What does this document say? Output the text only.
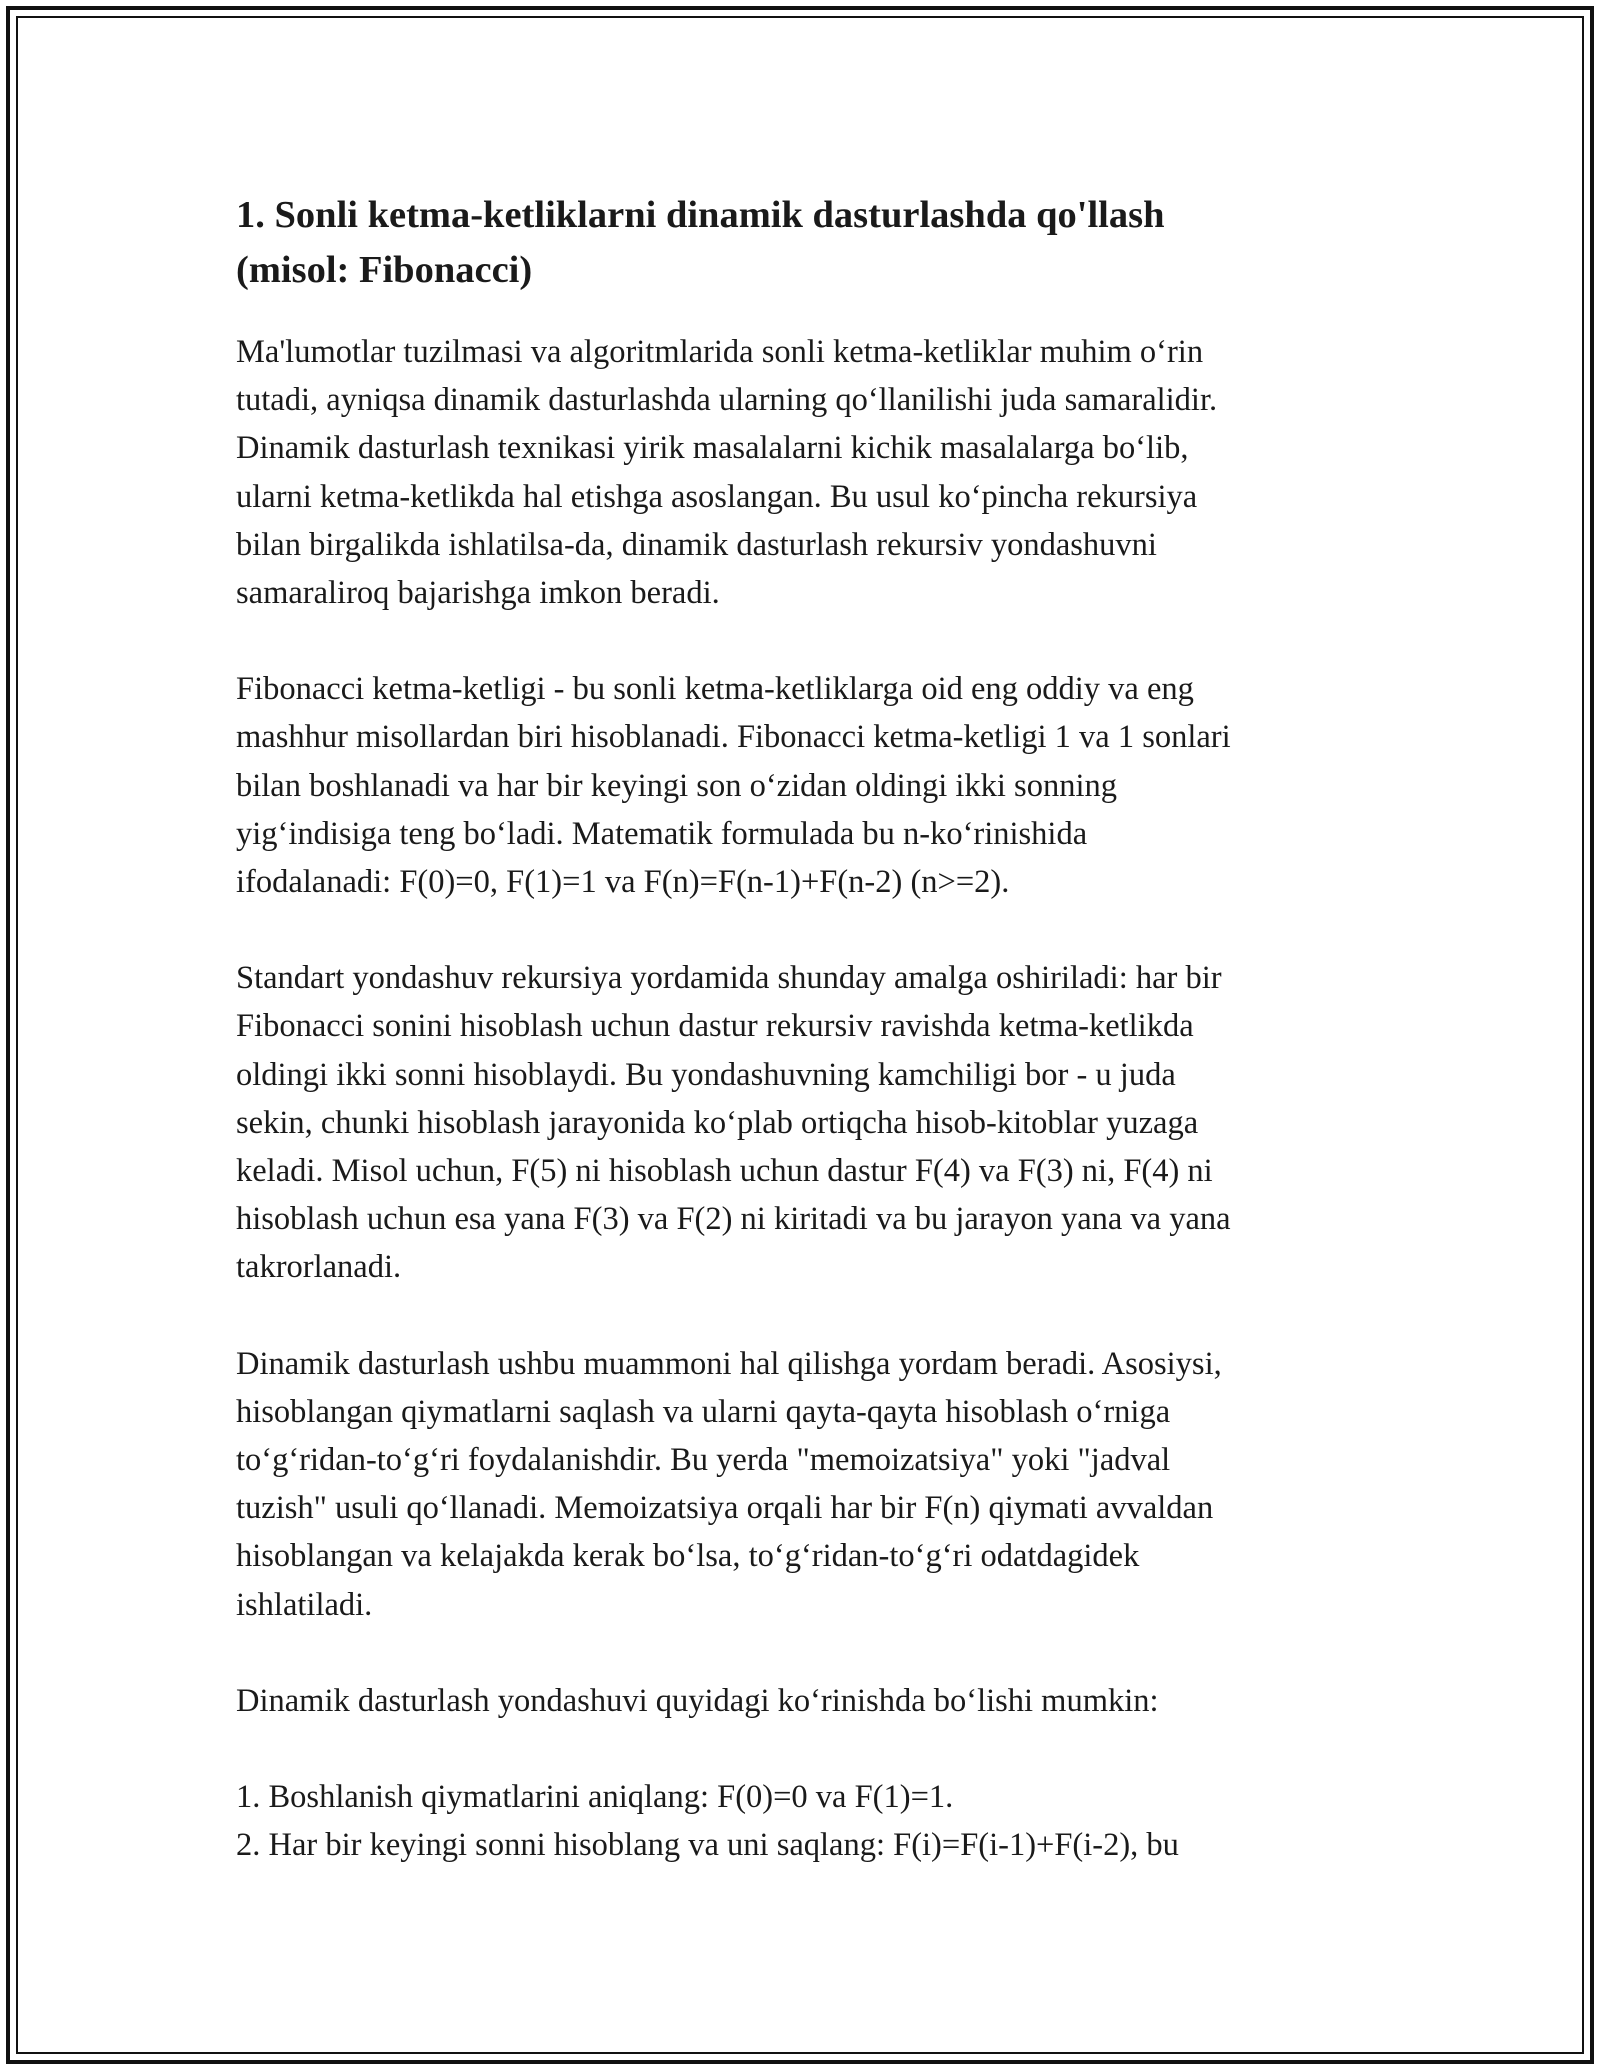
1. Sonli ketma-ketliklarni dinamik dasturlashda qo'llash
(misol: Fibonacci)

Ma'lumotlar tuzilmasi va algoritmlarida sonli ketma-ketliklar muhim o‘rin
tutadi, ayniqsa dinamik dasturlashda ularning qo‘llanilishi juda samaralidir.
Dinamik dasturlash texnikasi yirik masalalarni kichik masalalarga bo‘lib,
ularni ketma-ketlikda hal etishga asoslangan. Bu usul ko‘pincha rekursiya
bilan birgalikda ishlatilsa-da, dinamik dasturlash rekursiv yondashuvni
samaraliroq bajarishga imkon beradi.

Fibonacci ketma-ketligi - bu sonli ketma-ketliklarga oid eng oddiy va eng
mashhur misollardan biri hisoblanadi. Fibonacci ketma-ketligi 1 va 1 sonlari
bilan boshlanadi va har bir keyingi son o‘zidan oldingi ikki sonning
yig‘indisiga teng bo‘ladi. Matematik formulada bu n-ko‘rinishida
ifodalanadi: F(0)=0, F(1)=1 va F(n)=F(n-1)+F(n-2) (n>=2).

Standart yondashuv rekursiya yordamida shunday amalga oshiriladi: har bir
Fibonacci sonini hisoblash uchun dastur rekursiv ravishda ketma-ketlikda
oldingi ikki sonni hisoblaydi. Bu yondashuvning kamchiligi bor - u juda
sekin, chunki hisoblash jarayonida ko‘plab ortiqcha hisob-kitoblar yuzaga
keladi. Misol uchun, F(5) ni hisoblash uchun dastur F(4) va F(3) ni, F(4) ni
hisoblash uchun esa yana F(3) va F(2) ni kiritadi va bu jarayon yana va yana
takrorlanadi.

Dinamik dasturlash ushbu muammoni hal qilishga yordam beradi. Asosiysi,
hisoblangan qiymatlarni saqlash va ularni qayta-qayta hisoblash o‘rniga
to‘g‘ridan-to‘g‘ri foydalanishdir. Bu yerda "memoizatsiya" yoki "jadval
tuzish" usuli qo‘llanadi. Memoizatsiya orqali har bir F(n) qiymati avvaldan
hisoblangan va kelajakda kerak bo‘lsa, to‘g‘ridan-to‘g‘ri odatdagidek
ishlatiladi.

Dinamik dasturlash yondashuvi quyidagi ko‘rinishda bo‘lishi mumkin:

1. Boshlanish qiymatlarini aniqlang: F(0)=0 va F(1)=1.
2. Har bir keyingi sonni hisoblang va uni saqlang: F(i)=F(i-1)+F(i-2), bu
